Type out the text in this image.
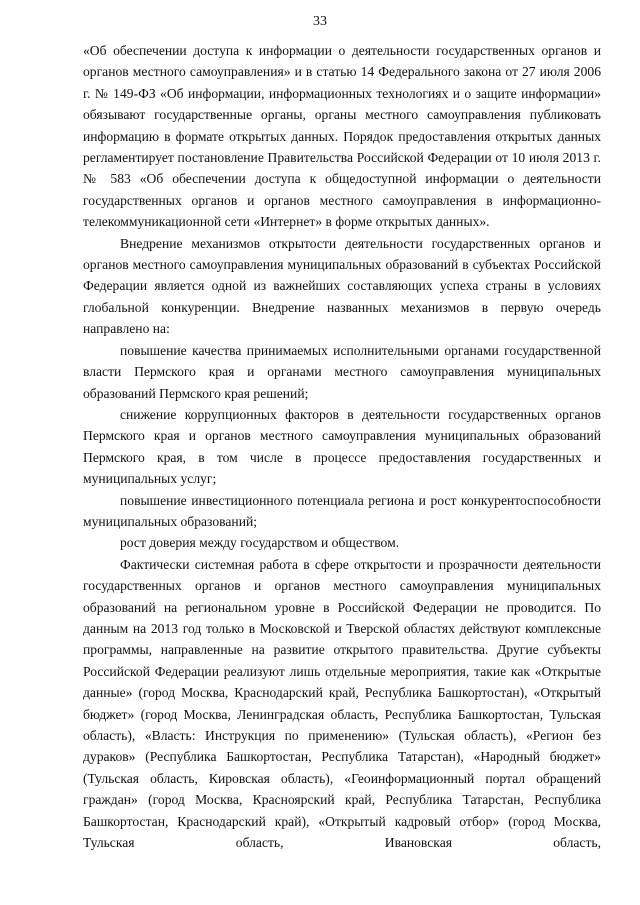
33

«Об обеспечении доступа к информации о деятельности государственных органов и органов местного самоуправления» и в статью 14 Федерального закона от 27 июля 2006 г. № 149-ФЗ «Об информации, информационных технологиях и о защите информации» обязывают государственные органы, органы местного самоуправления публиковать информацию в формате открытых данных. Порядок предоставления открытых данных регламентирует постановление Правительства Российской Федерации от 10 июля 2013 г. № 583 «Об обеспечении доступа к общедоступной информации о деятельности государственных органов и органов местного самоуправления в информационно-телекоммуникационной сети «Интернет» в форме открытых данных».

Внедрение механизмов открытости деятельности государственных органов и органов местного самоуправления муниципальных образований в субъектах Российской Федерации является одной из важнейших составляющих успеха страны в условиях глобальной конкуренции. Внедрение названных механизмов в первую очередь направлено на:

повышение качества принимаемых исполнительными органами государственной власти Пермского края и органами местного самоуправления муниципальных образований Пермского края решений;

снижение коррупционных факторов в деятельности государственных органов Пермского края и органов местного самоуправления муниципальных образований Пермского края, в том числе в процессе предоставления государственных и муниципальных услуг;

повышение инвестиционного потенциала региона и рост конкурентоспособности муниципальных образований;

рост доверия между государством и обществом.

Фактически системная работа в сфере открытости и прозрачности деятельности государственных органов и органов местного самоуправления муниципальных образований на региональном уровне в Российской Федерации не проводится. По данным на 2013 год только в Московской и Тверской областях действуют комплексные программы, направленные на развитие открытого правительства. Другие субъекты Российской Федерации реализуют лишь отдельные мероприятия, такие как «Открытые данные» (город Москва, Краснодарский край, Республика Башкортостан), «Открытый бюджет» (город Москва, Ленинградская область, Республика Башкортостан, Тульская область), «Власть: Инструкция по применению» (Тульская область), «Регион без дураков» (Республика Башкортостан, Республика Татарстан), «Народный бюджет» (Тульская область, Кировская область), «Геоинформационный портал обращений граждан» (город Москва, Красноярский край, Республика Татарстан, Республика Башкортостан, Краснодарский край), «Открытый кадровый отбор» (город Москва, Тульская область, Ивановская область,
